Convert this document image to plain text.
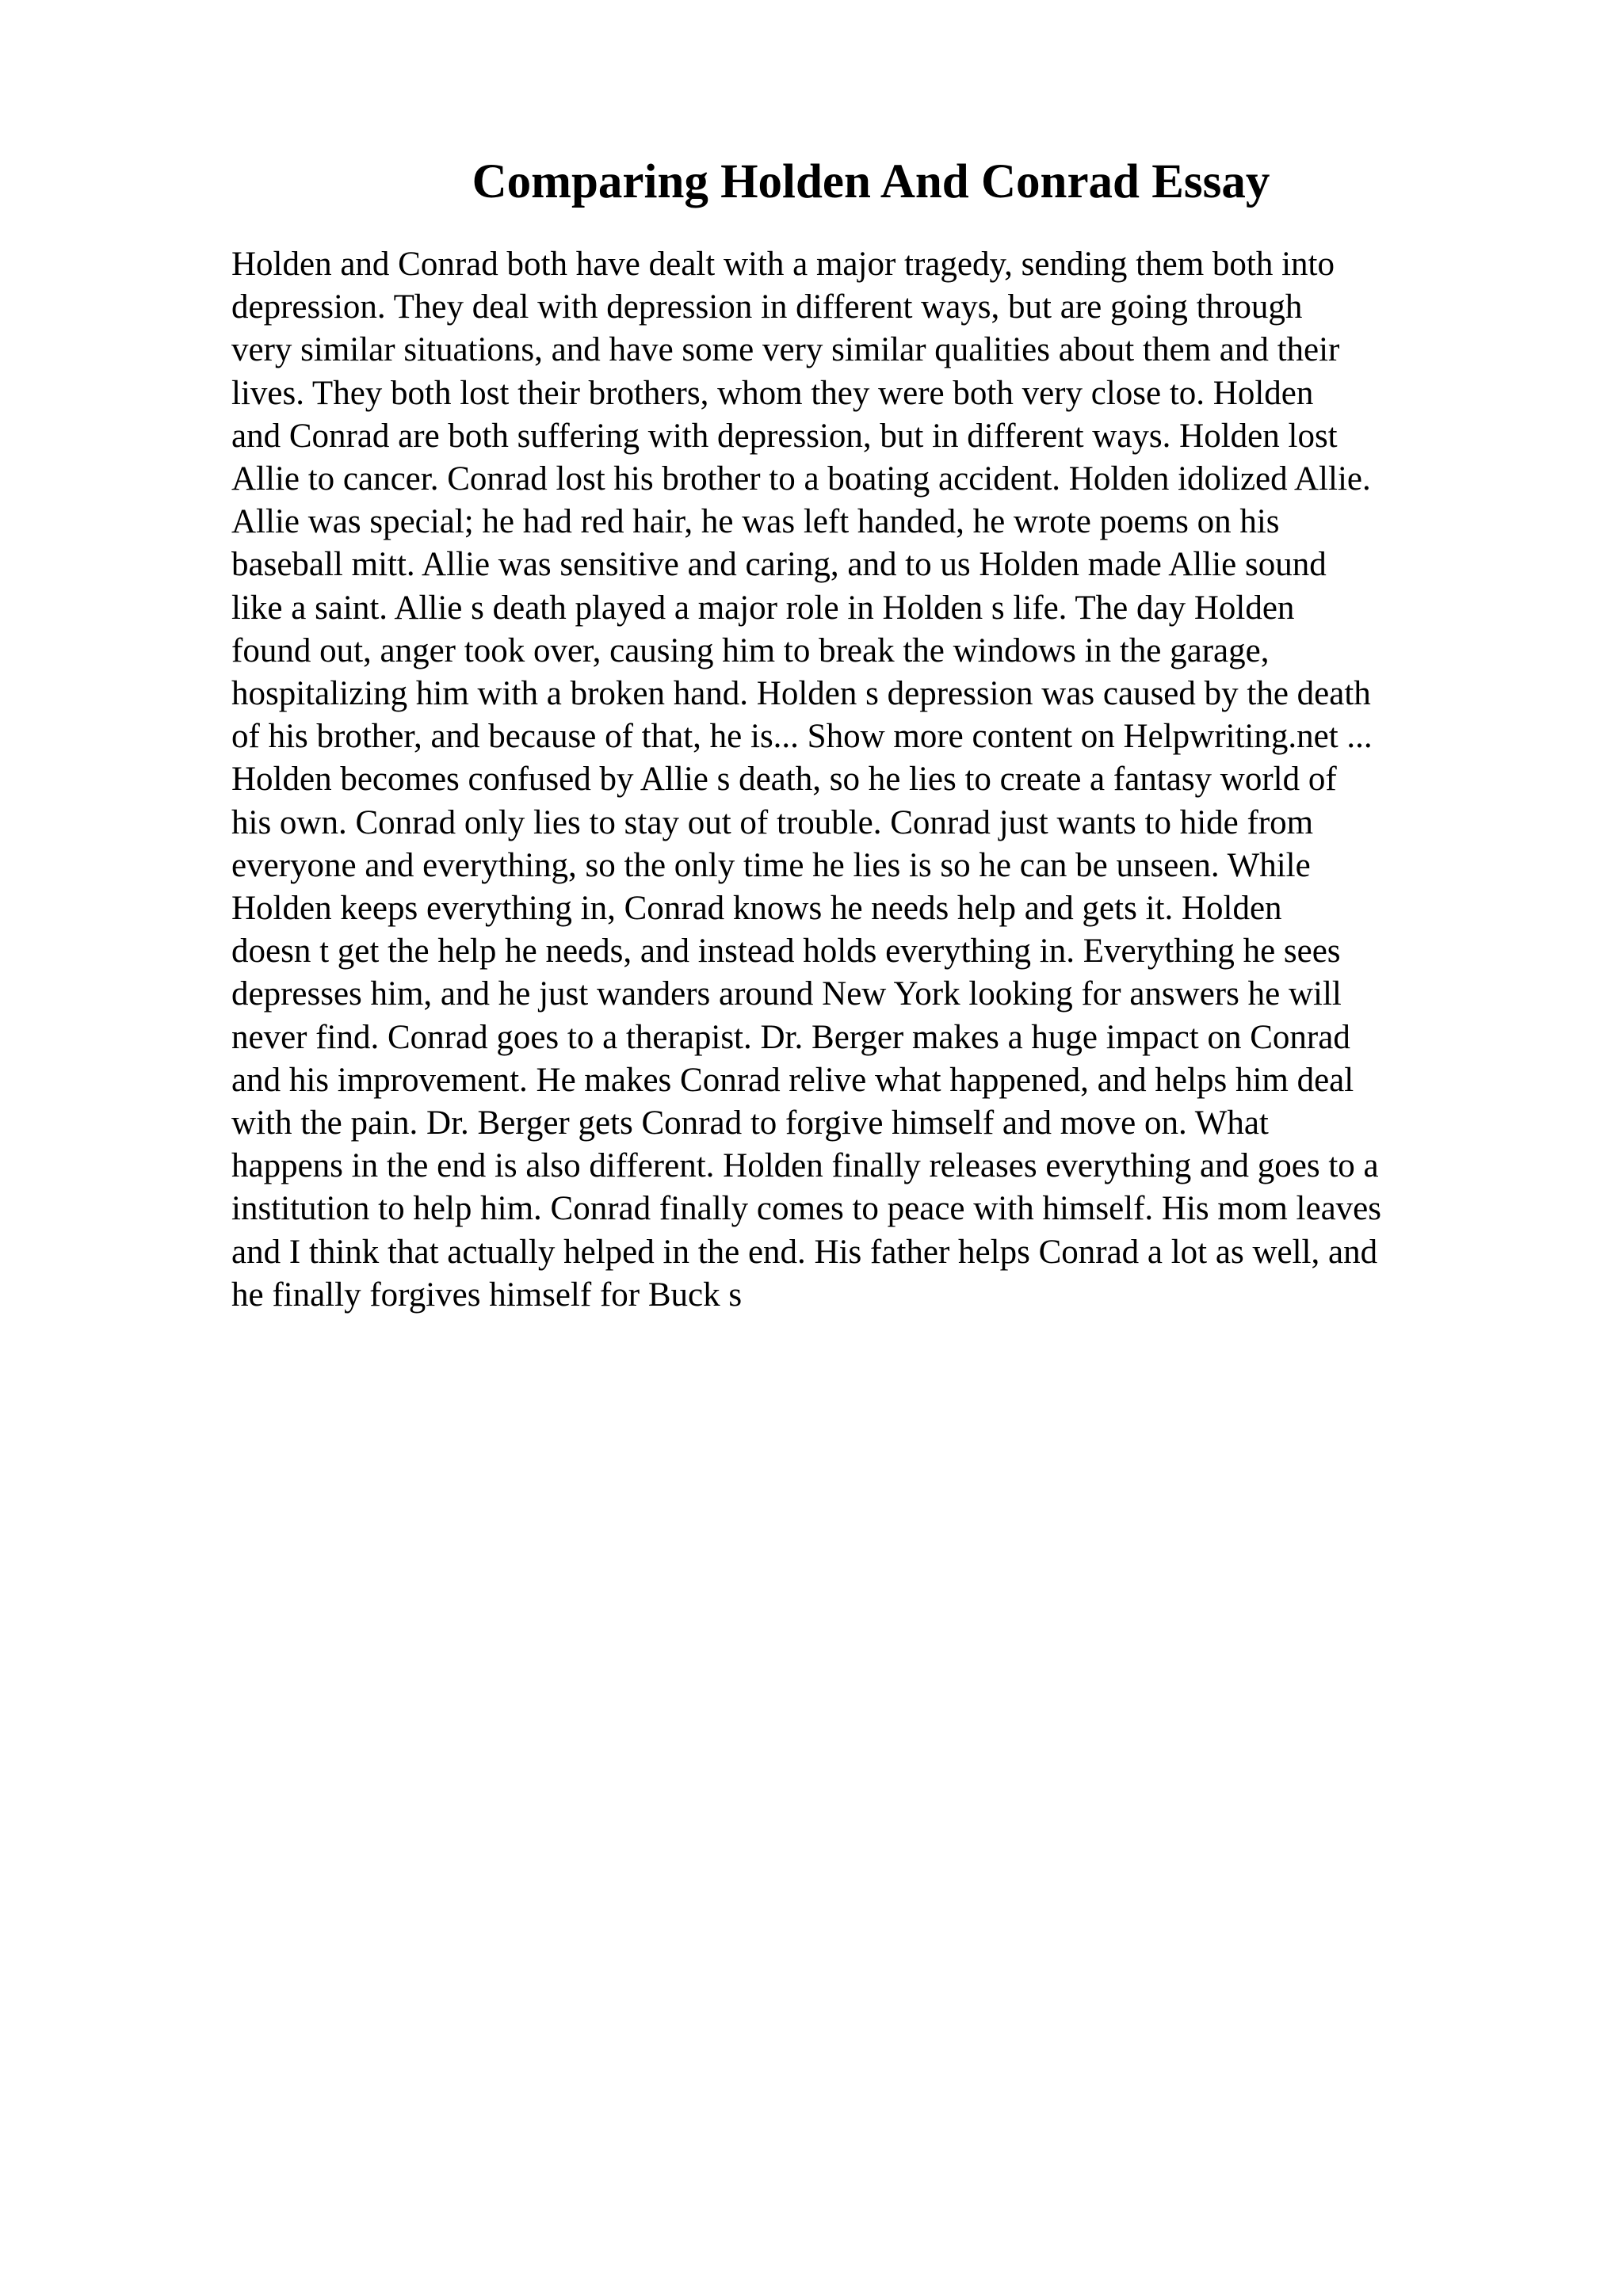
Comparing Holden And Conrad Essay
Holden and Conrad both have dealt with a major tragedy, sending them both into
depression. They deal with depression in different ways, but are going through
very similar situations, and have some very similar qualities about them and their
lives. They both lost their brothers, whom they were both very close to. Holden
and Conrad are both suffering with depression, but in different ways. Holden lost
Allie to cancer. Conrad lost his brother to a boating accident. Holden idolized Allie.
Allie was special; he had red hair, he was left handed, he wrote poems on his
baseball mitt. Allie was sensitive and caring, and to us Holden made Allie sound
like a saint. Allie s death played a major role in Holden s life. The day Holden
found out, anger took over, causing him to break the windows in the garage,
hospitalizing him with a broken hand. Holden s depression was caused by the death
of his brother, and because of that, he is... Show more content on Helpwriting.net ...
Holden becomes confused by Allie s death, so he lies to create a fantasy world of
his own. Conrad only lies to stay out of trouble. Conrad just wants to hide from
everyone and everything, so the only time he lies is so he can be unseen. While
Holden keeps everything in, Conrad knows he needs help and gets it. Holden
doesn t get the help he needs, and instead holds everything in. Everything he sees
depresses him, and he just wanders around New York looking for answers he will
never find. Conrad goes to a therapist. Dr. Berger makes a huge impact on Conrad
and his improvement. He makes Conrad relive what happened, and helps him deal
with the pain. Dr. Berger gets Conrad to forgive himself and move on. What
happens in the end is also different. Holden finally releases everything and goes to a
institution to help him. Conrad finally comes to peace with himself. His mom leaves
and I think that actually helped in the end. His father helps Conrad a lot as well, and
he finally forgives himself for Buck s
